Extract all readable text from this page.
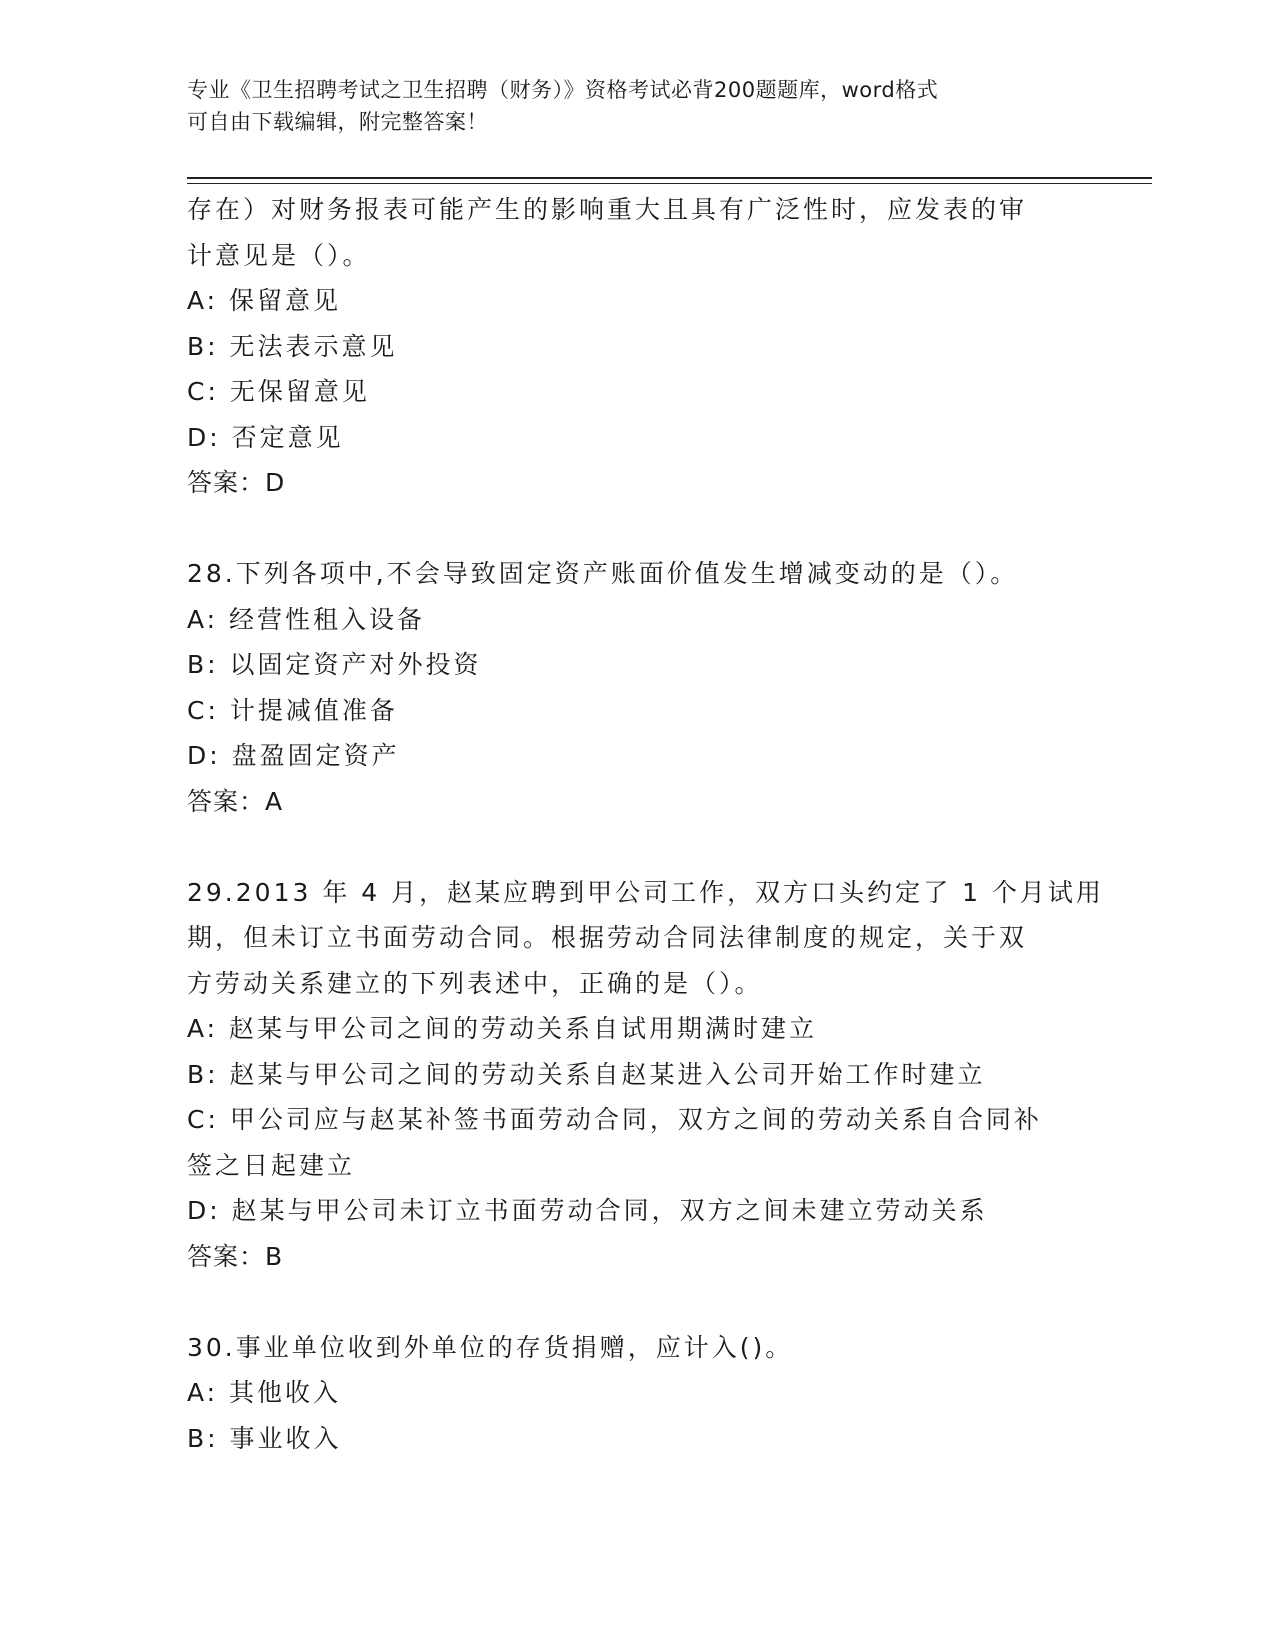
专业《卫生招聘考试之卫生招聘（财务）》资格考试必背200题题库，word格式
可自由下载编辑，附完整答案！
存在）对财务报表可能产生的影响重大且具有广泛性时，应发表的审
计意见是（）。
A: 保留意见
B: 无法表示意见
C: 无保留意见
D: 否定意见
答案：D
28.下列各项中,不会导致固定资产账面价值发生增减变动的是（）。
A: 经营性租入设备
B: 以固定资产对外投资
C: 计提减值准备
D: 盘盈固定资产
答案：A
29.2013 年 4 月，赵某应聘到甲公司工作，双方口头约定了 1 个月试用
期，但未订立书面劳动合同。根据劳动合同法律制度的规定，关于双
方劳动关系建立的下列表述中，正确的是（）。
A: 赵某与甲公司之间的劳动关系自试用期满时建立
B: 赵某与甲公司之间的劳动关系自赵某进入公司开始工作时建立
C: 甲公司应与赵某补签书面劳动合同，双方之间的劳动关系自合同补
签之日起建立
D: 赵某与甲公司未订立书面劳动合同，双方之间未建立劳动关系
答案：B
30.事业单位收到外单位的存货捐赠，应计入()。
A: 其他收入
B: 事业收入
